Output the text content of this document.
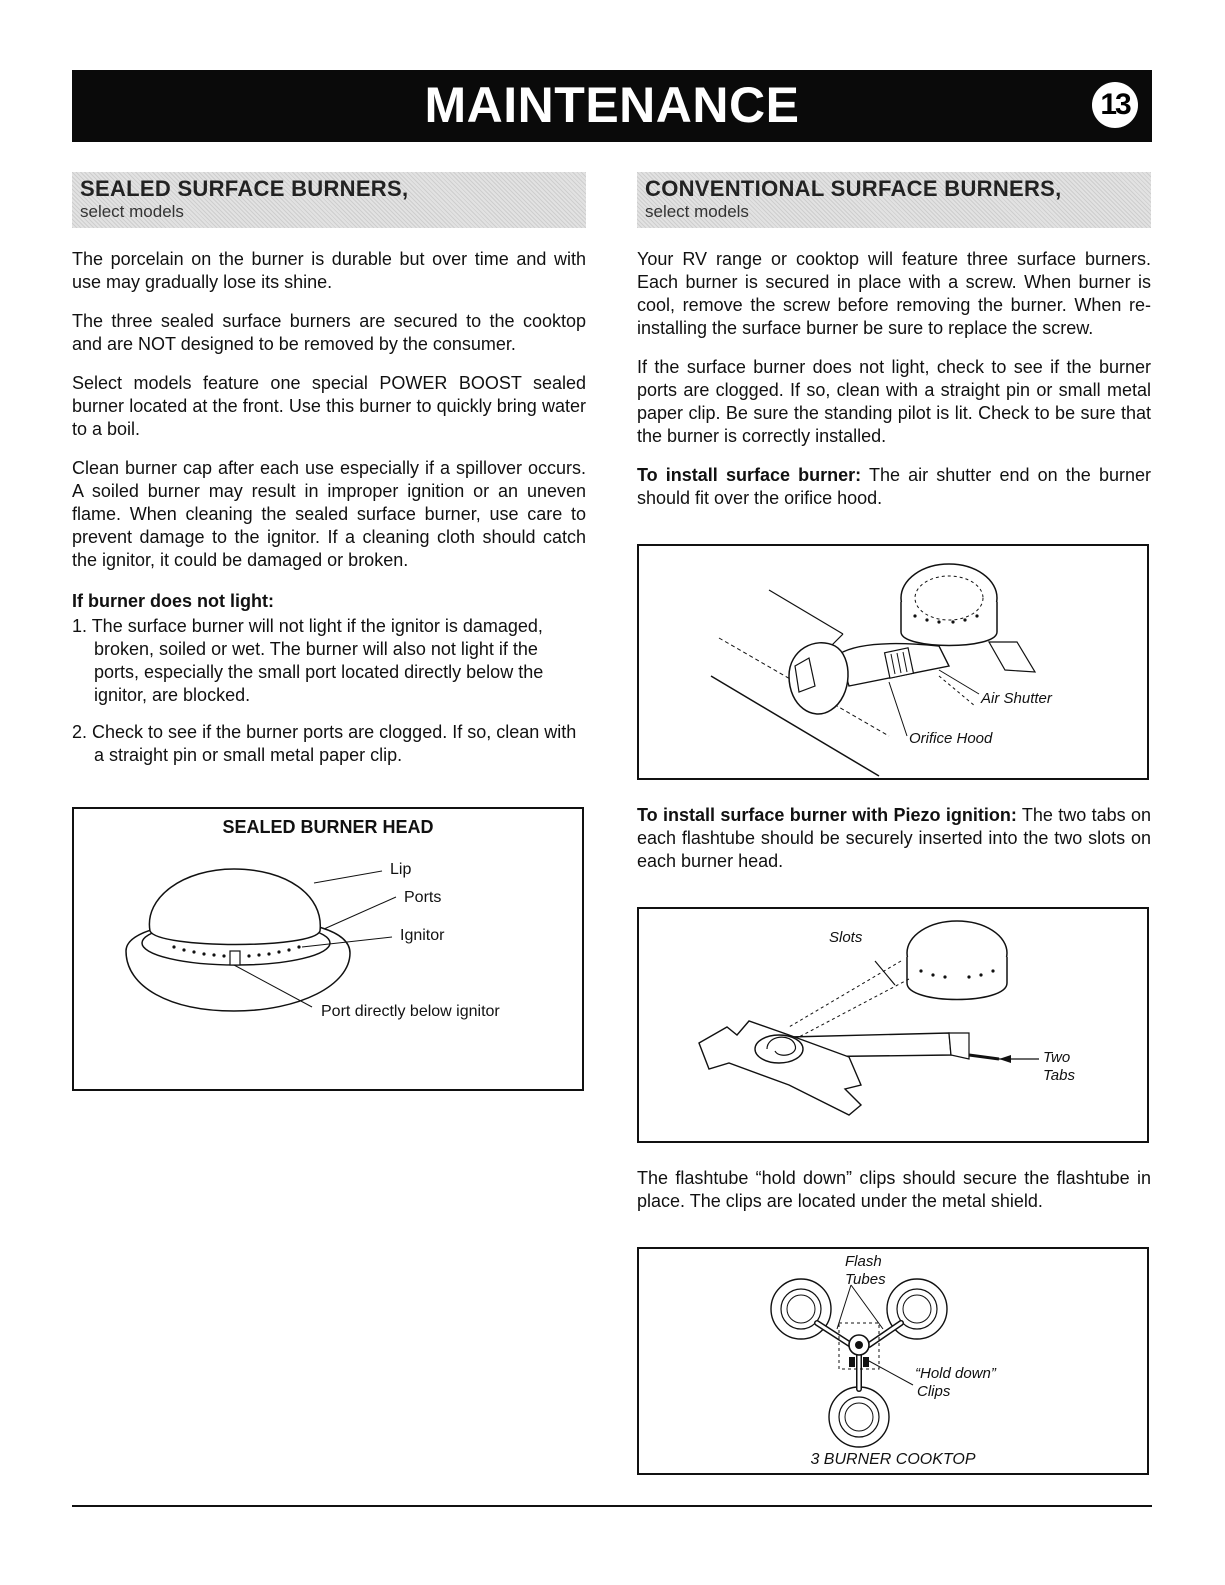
MAINTENANCE	13
SEALED SURFACE BURNERS,
select models

The porcelain on the burner is durable but over time and with use may gradually lose its shine.

The three sealed surface burners are secured to the cooktop and are NOT designed to be removed by the consumer.

Select models feature one special POWER BOOST sealed burner located at the front. Use this burner to quickly bring water to a boil.

Clean burner cap after each use especially if a spillover occurs. A soiled burner may result in improper ignition or an uneven flame. When cleaning the sealed surface burner, use care to prevent damage to the ignitor. If a cleaning cloth should catch the ignitor, it could be damaged or broken.

If burner does not light:
1. The surface burner will not light if the ignitor is damaged, broken, soiled or wet. The burner will also not light if the ports, especially the small port located directly below the ignitor, are blocked.
2. Check to see if the burner ports are clogged. If so, clean with a straight pin or small metal paper clip.
SEALED BURNER HEAD
Lip
Ports
Ignitor
Port directly below ignitor
CONVENTIONAL SURFACE BURNERS,
select models

Your RV range or cooktop will feature three surface burners. Each burner is secured in place with a screw. When burner is cool, remove the screw before removing the burner. When re-installing the surface burner be sure to replace the screw.

If the surface burner does not light, check to see if the burner ports are clogged. If so, clean with a straight pin or small metal paper clip. Be sure the standing pilot is lit. Check to be sure that the burner is correctly installed.

To install surface burner: The air shutter end on the burner should fit over the orifice hood.

Air Shutter
Orifice Hood

To install surface burner with Piezo ignition: The two tabs on each flashtube should be securely inserted into the two slots on each burner head.

Slots
Two
Tabs

The flashtube “hold down” clips should secure the flashtube in place. The clips are located under the metal shield.

Flash
Tubes
“Hold down”
Clips
3 BURNER COOKTOP
